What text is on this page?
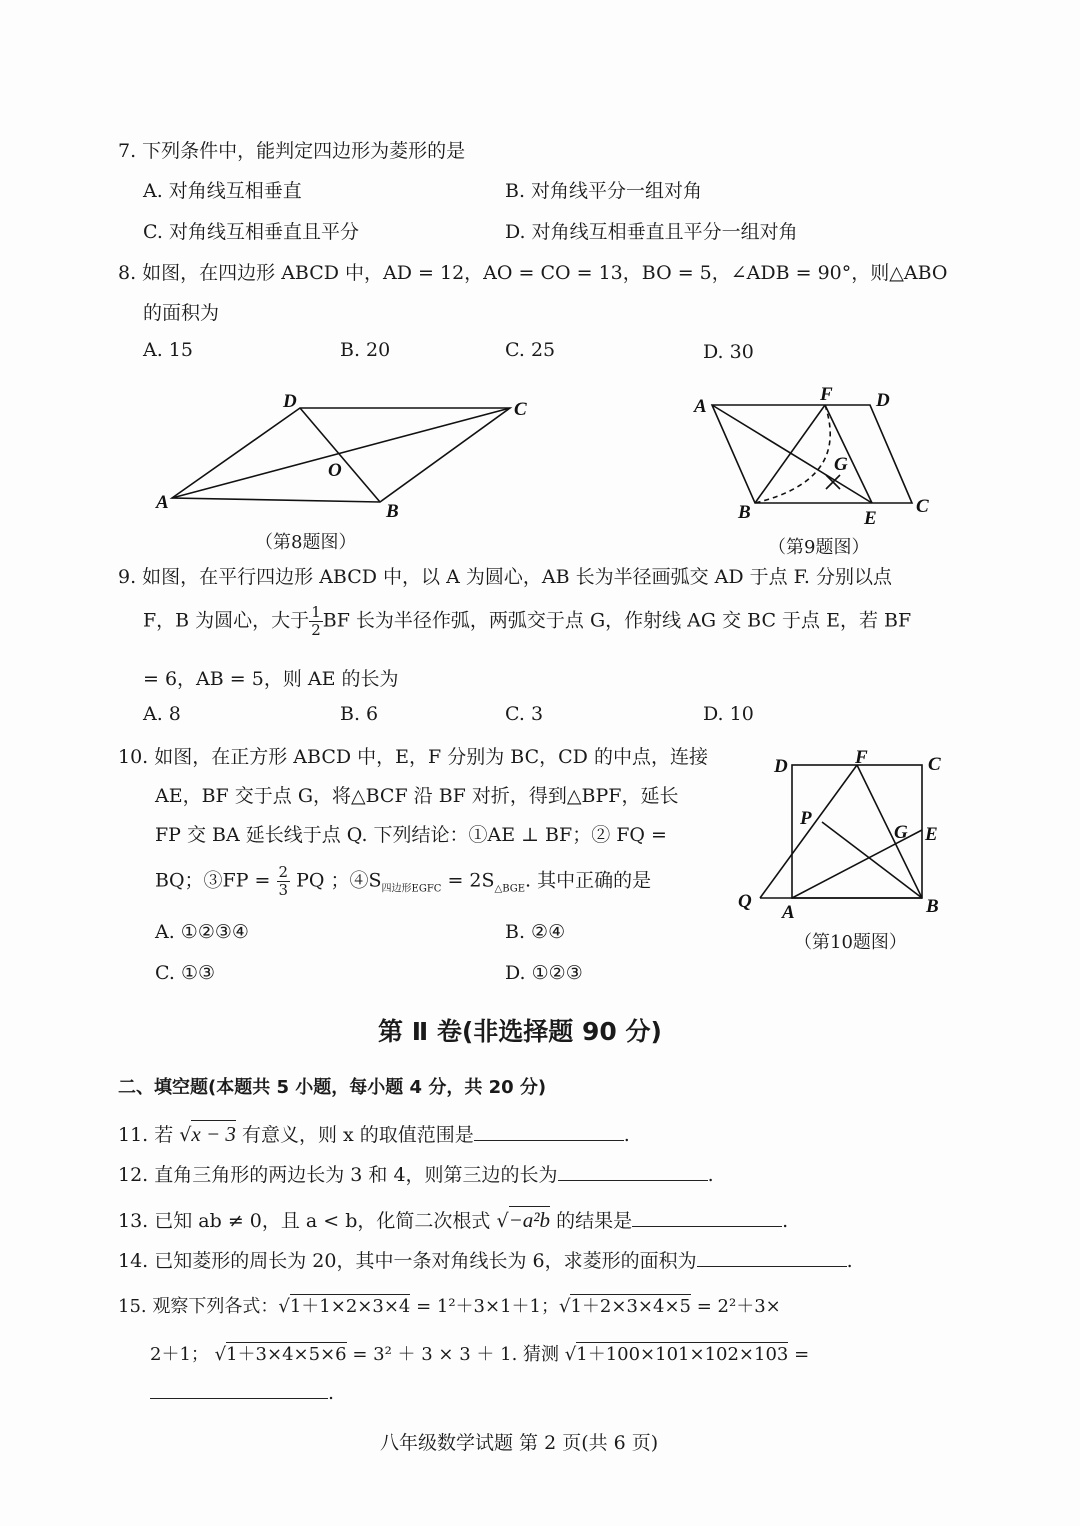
7. 下列条件中，能判定四边形为菱形的是
A. 对角线互相垂直	B. 对角线平分一组对角
C. 对角线互相垂直且平分	D. 对角线互相垂直且平分一组对角
8. 如图，在四边形 ABCD 中，AD = 12，AO = CO = 13，BO = 5，∠ADB = 90°，则△ABO
的面积为
A. 15	B. 20	C. 25	D. 30
D	C
A	B
O
A
F D
G
B	E
C
D	F	C
P
G E
Q
A	B
（第8题图）	（第9题图）
（第10题图）
9. 如图，在平行四边形 ABCD 中，以 A 为圆心，AB 长为半径画弧交 AD 于点 F. 分别以点
F，B 为圆心，大于 $\frac{1}{2}$ BF 长为半径作弧，两弧交于点 G，作射线 AG 交 BC 于点 E，若 BF
= 6，AB = 5，则 AE 的长为
A. 8	B. 6	C. 3	D. 10
10. 如图，在正方形 ABCD 中，E，F 分别为 BC，CD 的中点，连接
AE，BF 交于点 G，将△BCF 沿 BF 对折，得到△BPF，延长
FP 交 BA 延长线于点 Q. 下列结论：①AE ⊥ BF；② FQ =
BQ；③FP = $\frac{2}{3}$ PQ ；$④S_{四边形EGFC} = 2S_{\triangle BGE}$. 其中正确的是
A. ①②③④	B. ②④
C. ①③	D. ①②③
第 Ⅱ 卷(非选择题 90 分)
二、填空题(本题共 5 小题，每小题 4 分，共 20 分)
11. 若 √x − 3 有意义，则 x 的取值范围是	.
12. 直角三角形的两边长为 3 和 4，则第三边的长为	.
13. 已知 ab ≠ 0，且 a < b，化简二次根式 √−a²b 的结果是	.
14. 已知菱形的周长为 20，其中一条对角线长为 6，求菱形的面积为	.
15. 观察下列各式：√1＋1×2×3×4 = 1²＋3×1＋1；√1＋2×3×4×5 = 2²＋3×
2＋1； √1＋3×4×5×6 = 3² ＋ 3 × 3 ＋ 1. 猜测 √1＋100×101×102×103 =
.
八年级数学试题 第 2 页(共 6 页)
